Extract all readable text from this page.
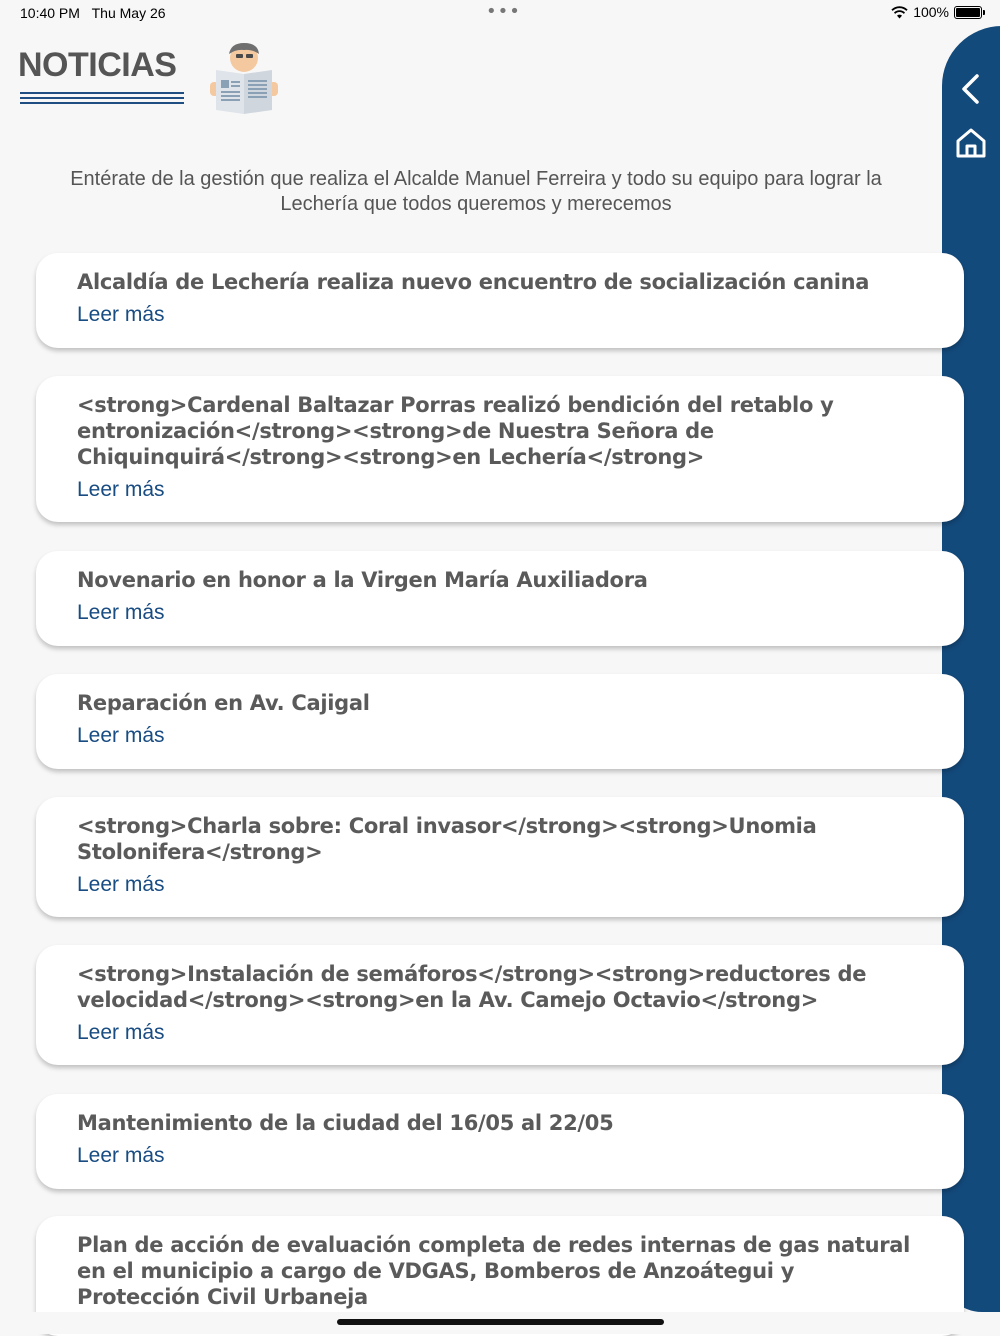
10:40 PM Thu May 26	•••	100%
NOTICIAS
Entérate de la gestión que realiza el Alcalde Manuel Ferreira y todo su equipo para lograr la Lechería que todos queremos y merecemos
Alcaldía de Lechería realiza nuevo encuentro de socialización canina
Leer más
<strong>Cardenal Baltazar Porras realizó bendición del retablo y entronización</strong><strong>de Nuestra Señora de Chiquinquirá</strong><strong>en Lechería</strong>
Leer más
Novenario en honor a la Virgen María Auxiliadora
Leer más
Reparación en Av. Cajigal
Leer más
<strong>Charla sobre: Coral invasor</strong><strong>Unomia Stolonifera</strong>
Leer más
<strong>Instalación de semáforos</strong><strong>reductores de velocidad</strong><strong>en la Av. Camejo Octavio</strong>
Leer más
Mantenimiento de la ciudad del 16/05 al 22/05
Leer más
Plan de acción de evaluación completa de redes internas de gas natural en el municipio a cargo de VDGAS, Bomberos de Anzoátegui y Protección Civil Urbaneja
